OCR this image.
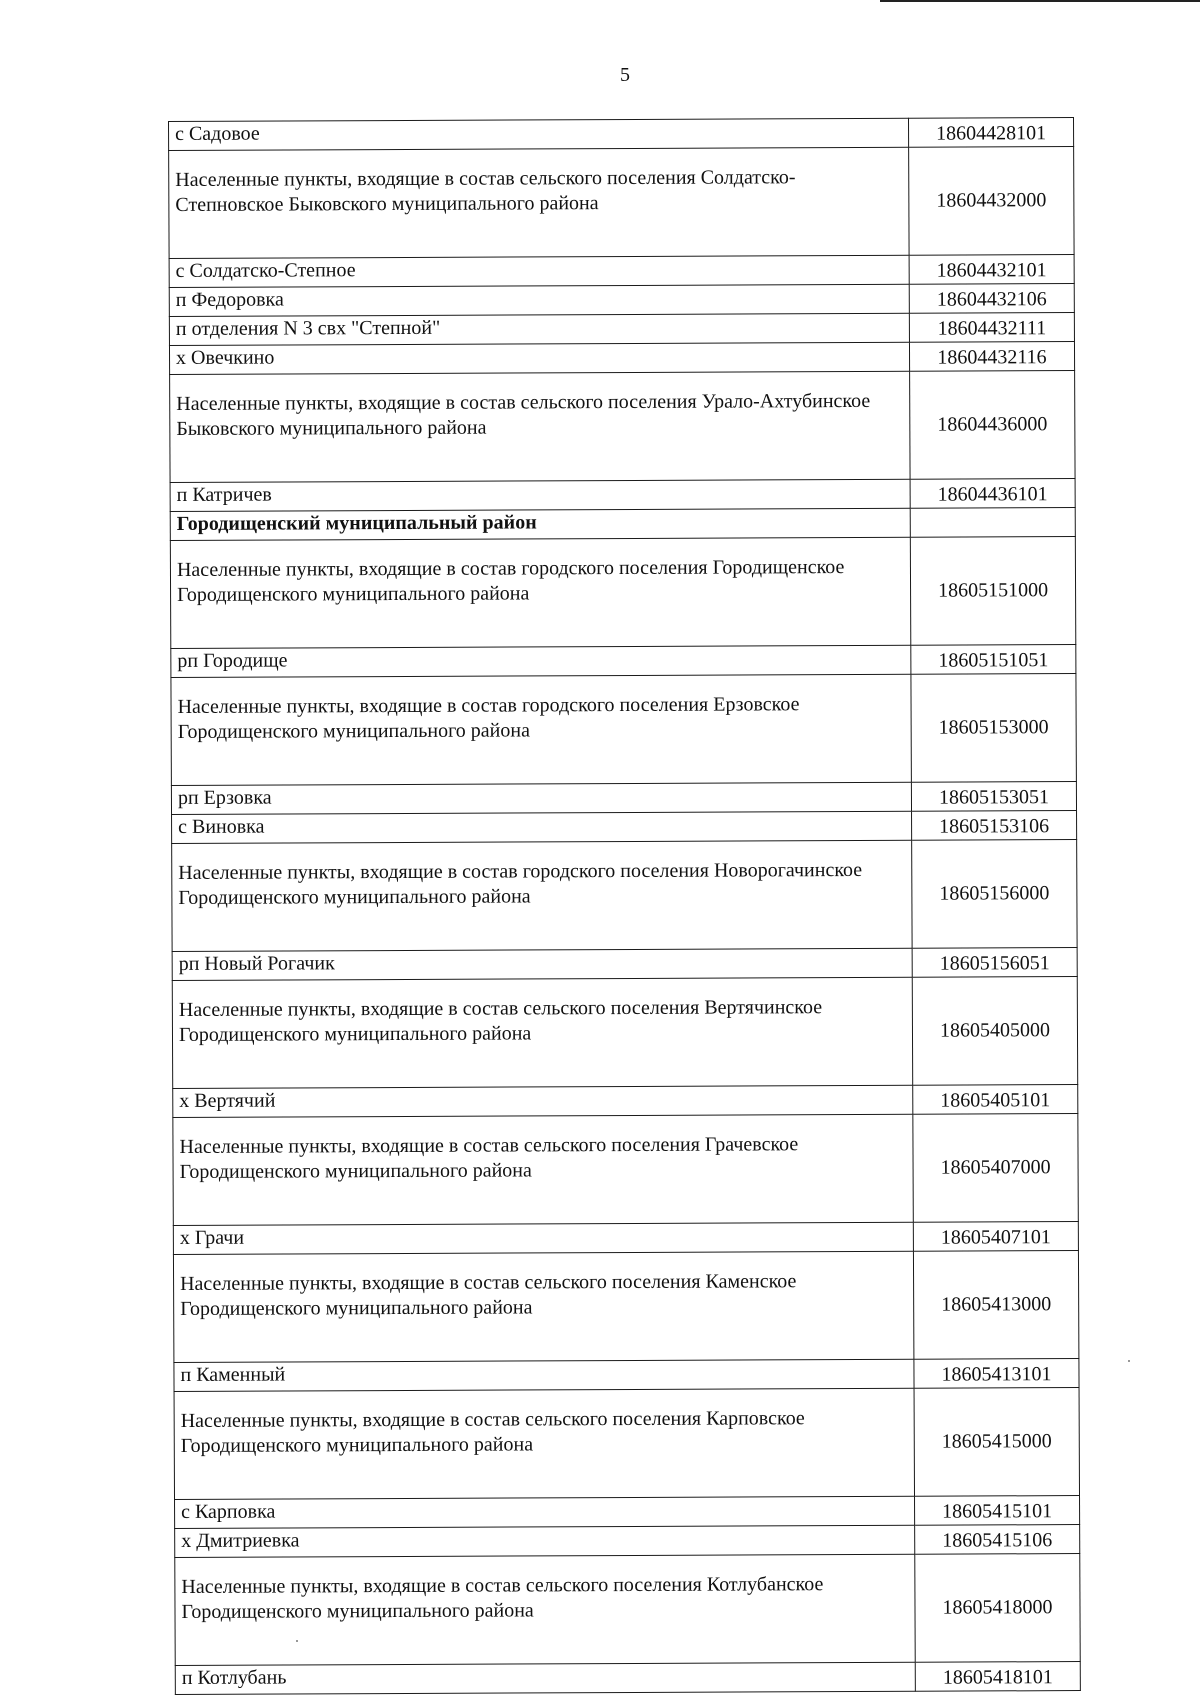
5
с Садовое	18604428101
Населенные пункты, входящие в состав сельского поселения Солдатско-Степновское Быковского муниципального района	18604432000
с Солдатско-Степное	18604432101
п Федоровка	18604432106
п отделения N 3 свх "Степной"	18604432111
х Овечкино	18604432116
Населенные пункты, входящие в состав сельского поселения Урало-Ахтубинское Быковского муниципального района	18604436000
п Катричев	18604436101
Городищенский муниципальный район	
Населенные пункты, входящие в состав городского поселения Городищенское Городищенского муниципального района	18605151000
рп Городище	18605151051
Населенные пункты, входящие в состав городского поселения Ерзовское Городищенского муниципального района	18605153000
рп Ерзовка	18605153051
с Виновка	18605153106
Населенные пункты, входящие в состав городского поселения Новорогачинское Городищенского муниципального района	18605156000
рп Новый Рогачик	18605156051
Населенные пункты, входящие в состав сельского поселения Вертячинское Городищенского муниципального района	18605405000
х Вертячий	18605405101
Населенные пункты, входящие в состав сельского поселения Грачевское Городищенского муниципального района	18605407000
х Грачи	18605407101
Населенные пункты, входящие в состав сельского поселения Каменское Городищенского муниципального района	18605413000
п Каменный	18605413101
Населенные пункты, входящие в состав сельского поселения Карповское Городищенского муниципального района	18605415000
с Карповка	18605415101
х Дмитриевка	18605415106
Населенные пункты, входящие в состав сельского поселения Котлубанское Городищенского муниципального района	18605418000
п Котлубань	18605418101
